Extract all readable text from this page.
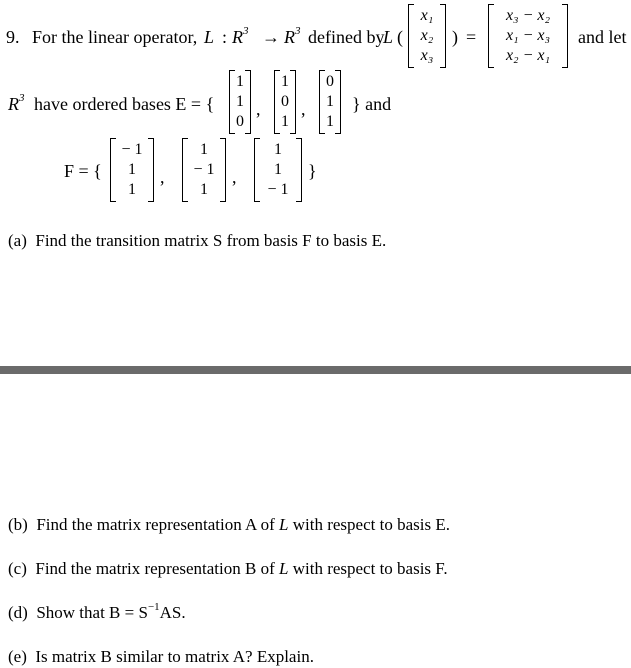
9. For the linear operator, L : $R^3 \to R^3$ defined by
L (
x₁
x₂
x₃
) =
x₃ − x₂
x₁ − x₃
x₂ − x₁
and let
$R^3$ have ordered bases E = {
1
1
0
,
1
0
1
,
0
1
1
} and
F = {
− 1
1
1
,
1
− 1
1
,
1
1
− 1
}
(a) Find the transition matrix S from basis F to basis E.
(b) Find the matrix representation A of L with respect to basis E.
(c) Find the matrix representation B of L with respect to basis F.
(d) Show that $B = S^{-1}AS$.
(e) Is matrix B similar to matrix A? Explain.
